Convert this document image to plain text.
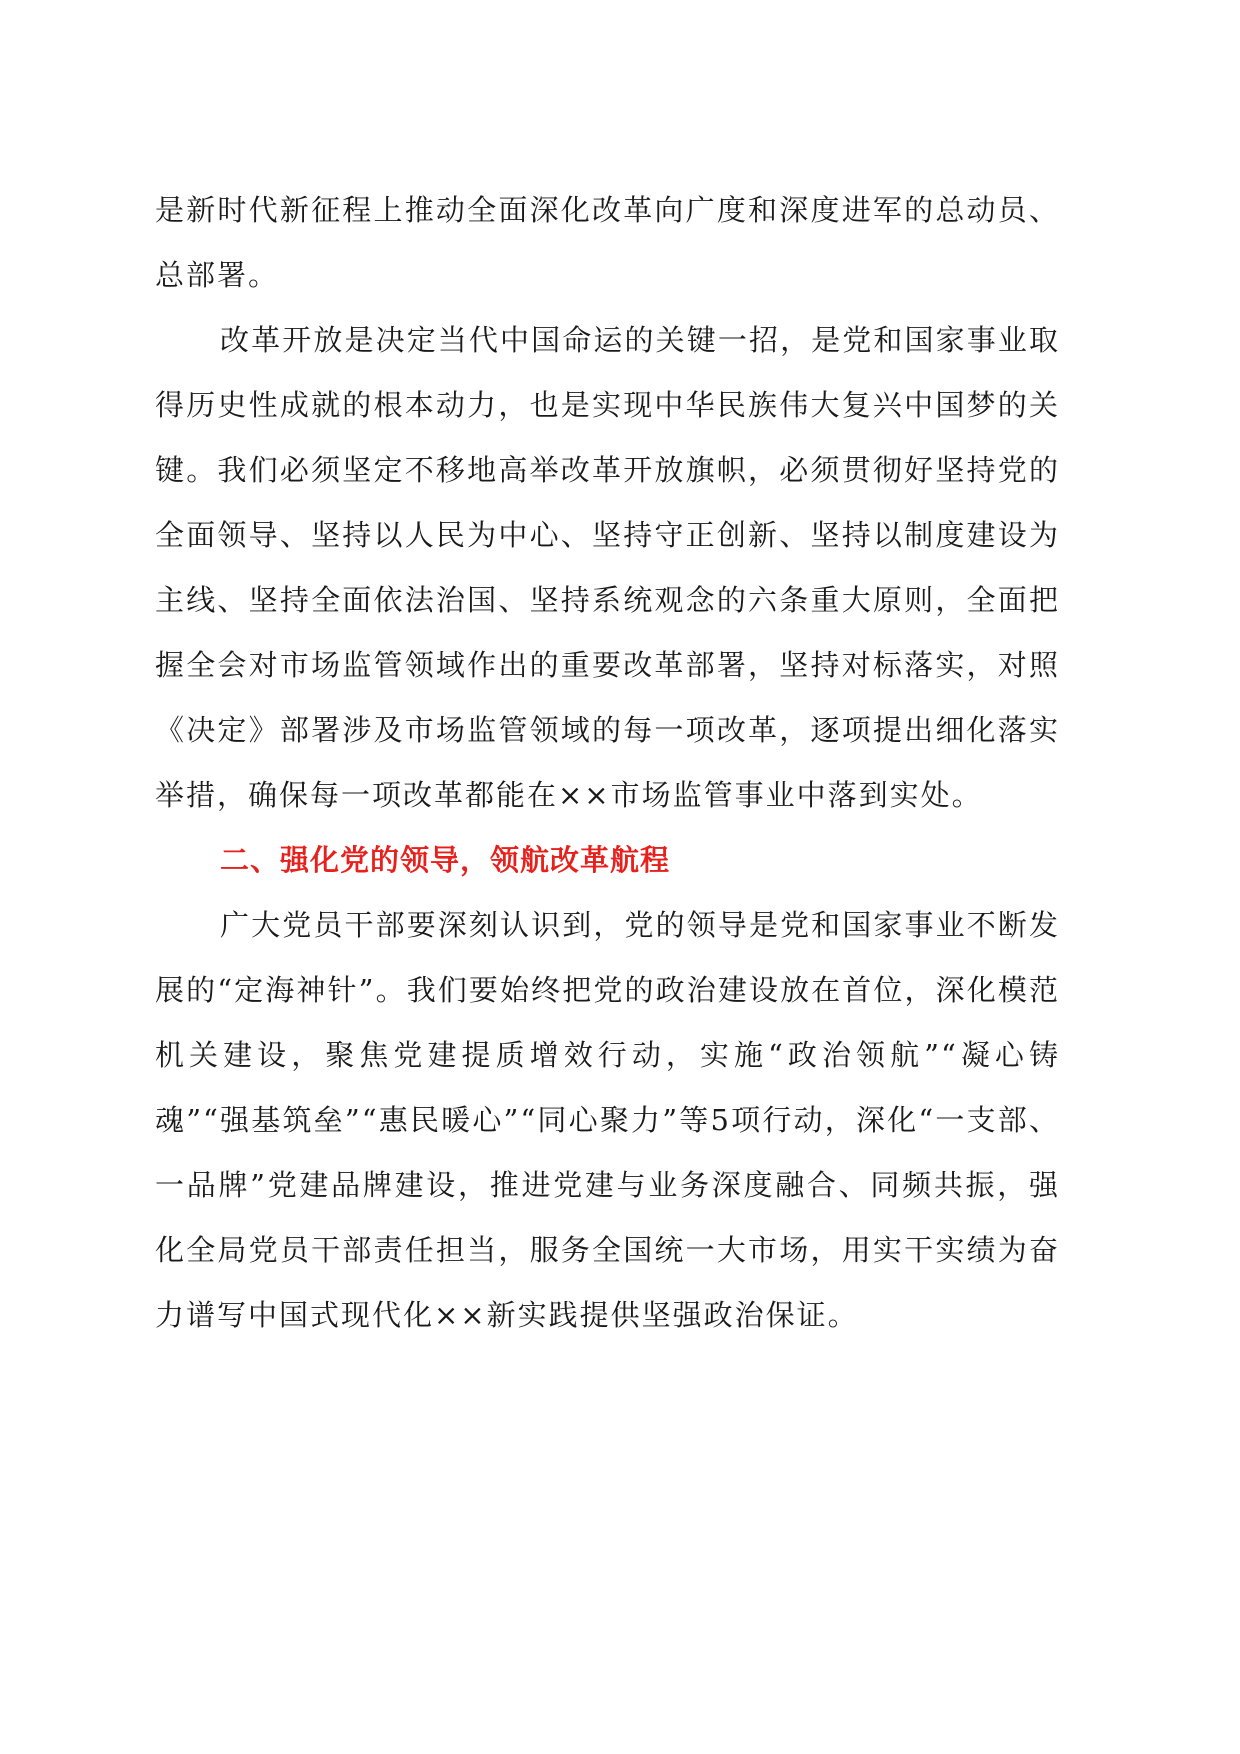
是新时代新征程上推动全面深化改革向广度和深度进军的总动员、总部署。

改革开放是决定当代中国命运的关键一招，是党和国家事业取得历史性成就的根本动力，也是实现中华民族伟大复兴中国梦的关键。我们必须坚定不移地高举改革开放旗帜，必须贯彻好坚持党的全面领导、坚持以人民为中心、坚持守正创新、坚持以制度建设为主线、坚持全面依法治国、坚持系统观念的六条重大原则，全面把握全会对市场监管领域作出的重要改革部署，坚持对标落实，对照《决定》部署涉及市场监管领域的每一项改革，逐项提出细化落实举措，确保每一项改革都能在××市场监管事业中落到实处。

二、强化党的领导，领航改革航程

广大党员干部要深刻认识到，党的领导是党和国家事业不断发展的“定海神针”。我们要始终把党的政治建设放在首位，深化模范机关建设，聚焦党建提质增效行动，实施“政治领航”“凝心铸魂”“强基筑垒”“惠民暖心”“同心聚力”等5项行动，深化“一支部、一品牌”党建品牌建设，推进党建与业务深度融合、同频共振，强化全局党员干部责任担当，服务全国统一大市场，用实干实绩为奋力谱写中国式现代化××新实践提供坚强政治保证。
